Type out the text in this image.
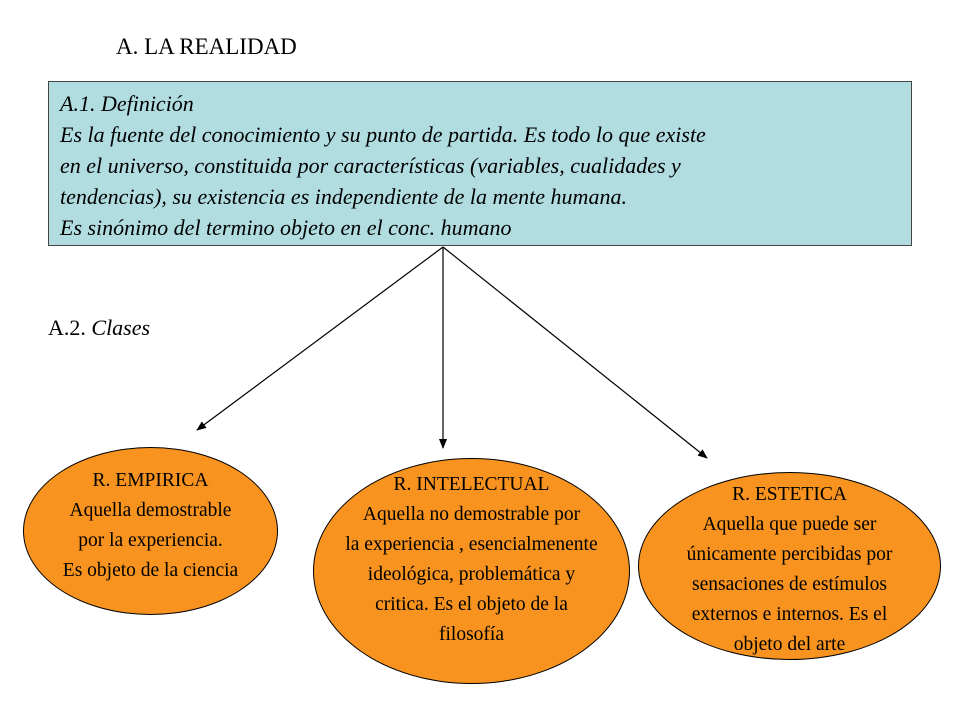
A. LA REALIDAD
A.1. Definición
Es la fuente del conocimiento y su punto de partida. Es todo lo que existe
en el universo, constituida por características (variables, cualidades y
tendencias), su existencia es independiente de la mente humana.
Es sinónimo del termino objeto en el conc. humano
A.2. Clases
R. EMPIRICA
Aquella demostrable
por la experiencia.
Es objeto de la ciencia
R. INTELECTUAL
Aquella no demostrable por
la experiencia , esencialmenente
ideológica, problemática y
critica. Es el objeto de la
filosofía
R. ESTETICA
Aquella que puede ser
únicamente percibidas por
sensaciones de estímulos
externos e internos. Es el
objeto del arte
